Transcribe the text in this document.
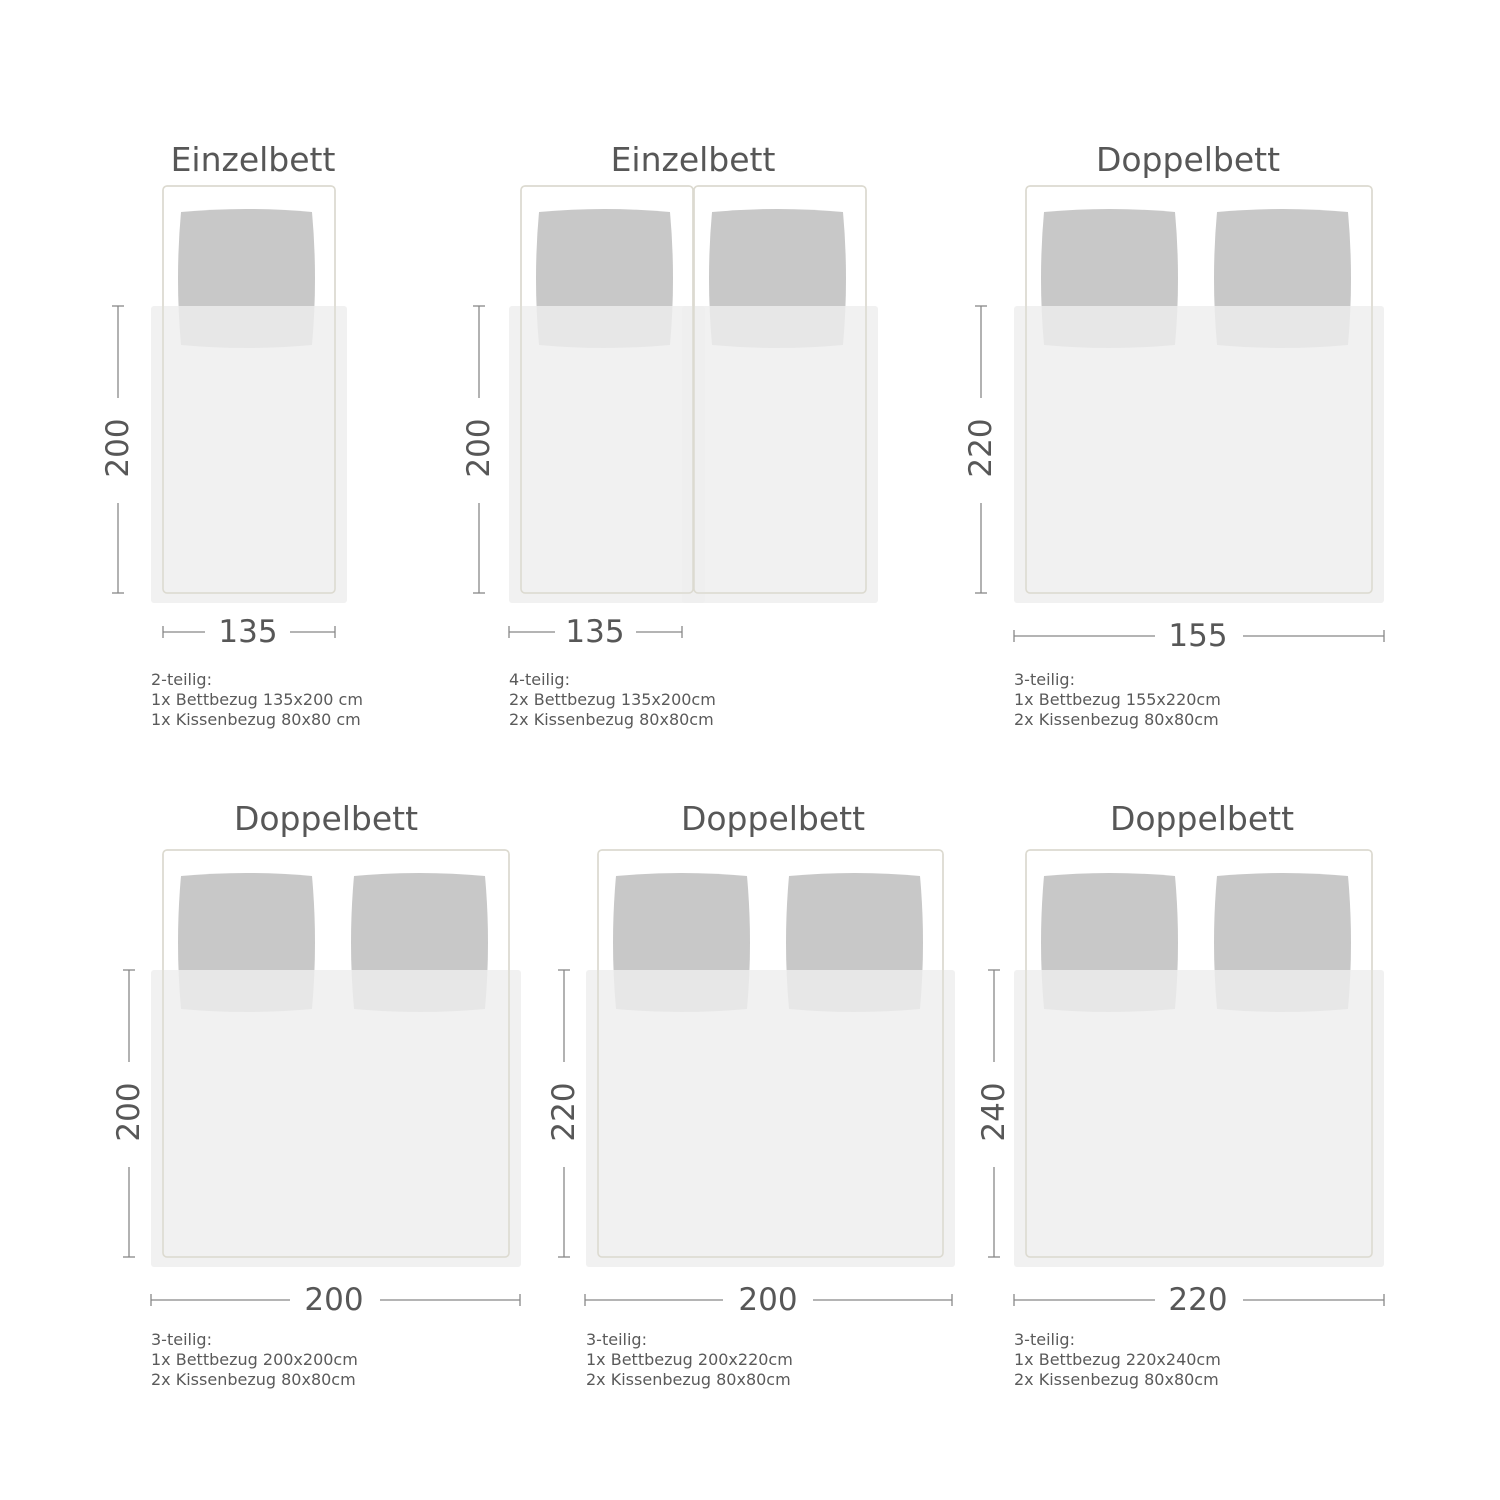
Einzelbett
200
135
2-teilig:
1x Bettbezug 135x200 cm
1x Kissenbezug 80x80 cm
Einzelbett
200
135
4-teilig:
2x Bettbezug 135x200cm
2x Kissenbezug 80x80cm
Doppelbett
220
155
3-teilig:
1x Bettbezug 155x220cm
2x Kissenbezug 80x80cm
Doppelbett
200
200
3-teilig:
1x Bettbezug 200x200cm
2x Kissenbezug 80x80cm
Doppelbett
220
200
3-teilig:
1x Bettbezug 200x220cm
2x Kissenbezug 80x80cm
Doppelbett
240
220
3-teilig:
1x Bettbezug 220x240cm
2x Kissenbezug 80x80cm
